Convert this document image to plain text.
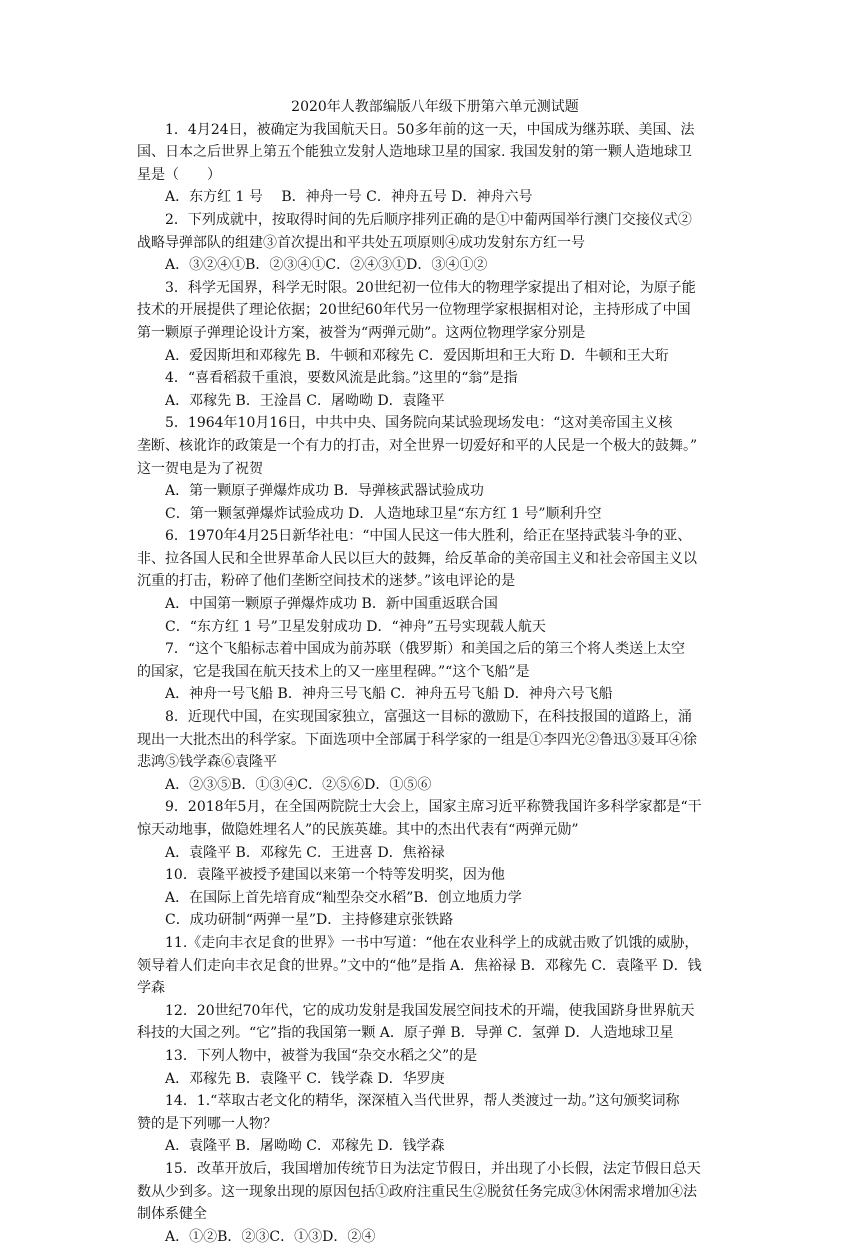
2020年人教部编版八年级下册第六单元测试题

1．4月24日，被确定为我国航天日。50多年前的这一天，中国成为继苏联、美国、法

国、日本之后世界上第五个能独立发射人造地球卫星的国家. 我国发射的第一颗人造地球卫

星是（　　）

A．东方红 1 号　 B．神舟一号 C．神舟五号 D．神舟六号

2．下列成就中，按取得时间的先后顺序排列正确的是①中葡两国举行澳门交接仪式②

战略导弹部队的组建③首次提出和平共处五项原则④成功发射东方红一号

A．③②④①B．②③④①C．②④③①D．③④①②

3．科学无国界，科学无时限。20世纪初一位伟大的物理学家提出了相对论，为原子能

技术的开展提供了理论依据；20世纪60年代另一位物理学家根据相对论，主持形成了中国

第一颗原子弹理论设计方案，被誉为“两弹元勋”。这两位物理学家分别是

A．爱因斯坦和邓稼先 B．牛顿和邓稼先 C．爱因斯坦和王大珩 D．牛顿和王大珩

4．“喜看稻菽千重浪，要数风流是此翁。”这里的“翁”是指

A．邓稼先 B．王淦昌 C．屠呦呦 D．袁隆平

5．1964年10月16日，中共中央、国务院向某试验现场发电：“这对美帝国主义核

垄断、核讹诈的政策是一个有力的打击，对全世界一切爱好和平的人民是一个极大的鼓舞。”

这一贺电是为了祝贺

A．第一颗原子弹爆炸成功 B．导弹核武器试验成功

C．第一颗氢弹爆炸试验成功 D．人造地球卫星“东方红 1 号”顺利升空

6．1970年4月25日新华社电：“中国人民这一伟大胜利，给正在坚持武装斗争的亚、

非、拉各国人民和全世界革命人民以巨大的鼓舞，给反革命的美帝国主义和社会帝国主义以

沉重的打击，粉碎了他们垄断空间技术的迷梦。”该电评论的是

A．中国第一颗原子弹爆炸成功 B．新中国重返联合国

C．“东方红 1 号”卫星发射成功 D．“神舟”五号实现载人航天

7．“这个飞船标志着中国成为前苏联（俄罗斯）和美国之后的第三个将人类送上太空

的国家，它是我国在航天技术上的又一座里程碑。”“这个飞船”是

A．神舟一号飞船 B．神舟三号飞船 C．神舟五号飞船 D．神舟六号飞船

8．近现代中国，在实现国家独立，富强这一目标的激励下，在科技报国的道路上，涌

现出一大批杰出的科学家。下面选项中全部属于科学家的一组是①李四光②鲁迅③聂耳④徐

悲鸿⑤钱学森⑥袁隆平

A．②③⑤B．①③④C．②⑤⑥D．①⑤⑥

9．2018年5月，在全国两院院士大会上，国家主席习近平称赞我国许多科学家都是“干

惊天动地事，做隐姓埋名人”的民族英雄。其中的杰出代表有“两弹元勋”

A．袁隆平 B．邓稼先 C．王进喜 D．焦裕禄

10．袁隆平被授予建国以来第一个特等发明奖，因为他

A．在国际上首先培育成“籼型杂交水稻”B．创立地质力学

C．成功研制“两弹一星”D．主持修建京张铁路

11.《走向丰衣足食的世界》一书中写道：“他在农业科学上的成就击败了饥饿的威胁，

领导着人们走向丰衣足食的世界。”文中的“他”是指 A．焦裕禄 B．邓稼先 C．袁隆平 D．钱

学森

12．20世纪70年代，它的成功发射是我国发展空间技术的开端，使我国跻身世界航天

科技的大国之列。“它”指的我国第一颗 A．原子弹 B．导弹 C．氢弹 D．人造地球卫星

13．下列人物中，被誉为我国“杂交水稻之父”的是

A．邓稼先 B．袁隆平 C．钱学森 D．华罗庚

14．1.“萃取古老文化的精华，深深植入当代世界，帮人类渡过一劫。”这句颁奖词称

赞的是下列哪一人物？

A．袁隆平 B．屠呦呦 C．邓稼先 D．钱学森

15．改革开放后，我国增加传统节日为法定节假日，并出现了小长假，法定节假日总天

数从少到多。这一现象出现的原因包括①政府注重民生②脱贫任务完成③休闲需求增加④法

制体系健全

A．①②B．②③C．①③D．②④
